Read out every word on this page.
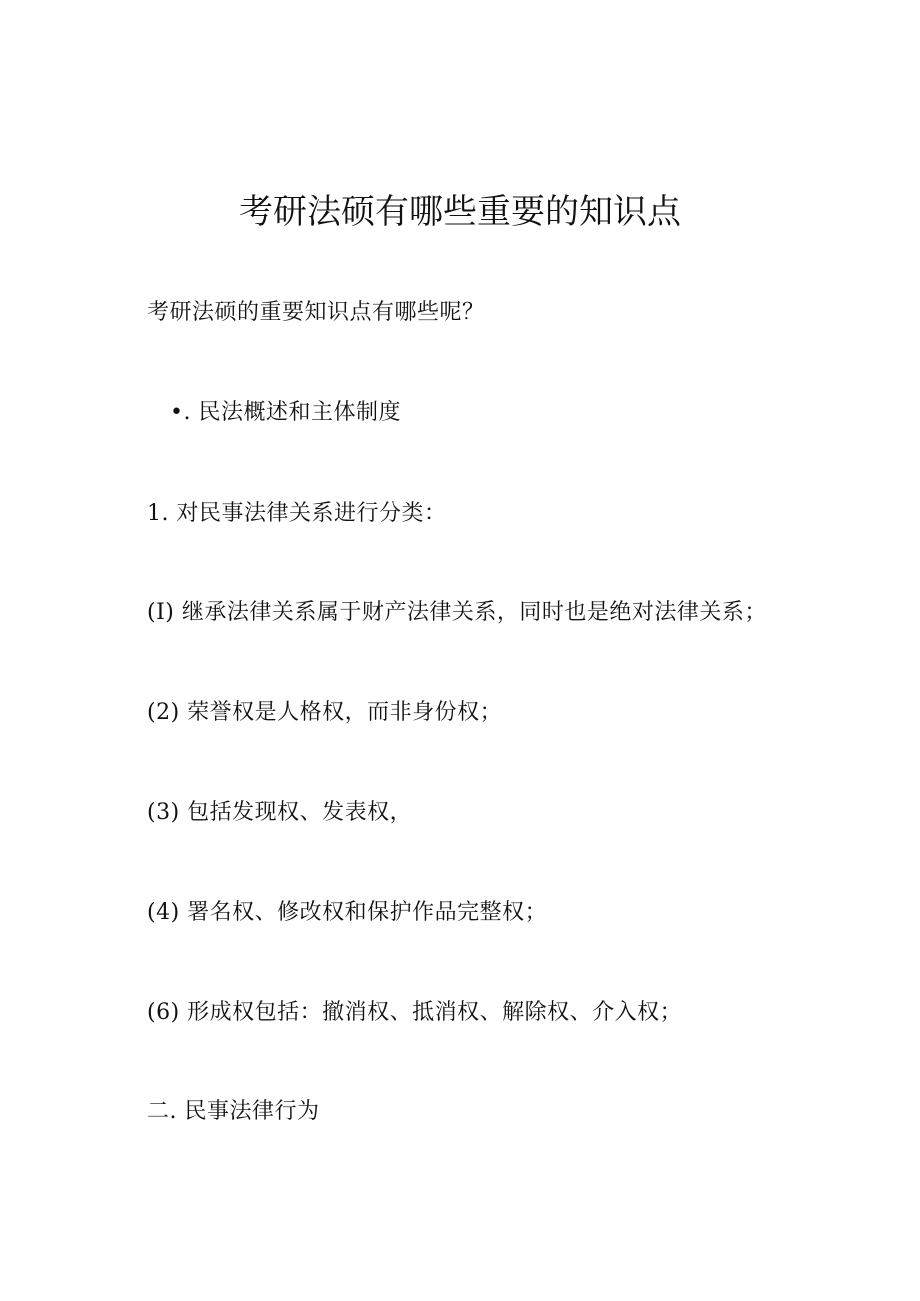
考研法硕有哪些重要的知识点

考研法硕的重要知识点有哪些呢？

•. 民法概述和主体制度

1. 对民事法律关系进行分类：

(I) 继承法律关系属于财产法律关系，同时也是绝对法律关系；

(2) 荣誉权是人格权，而非身份权；

(3) 包括发现权、发表权，

(4) 署名权、修改权和保护作品完整权；

(6) 形成权包括：撤消权、抵消权、解除权、介入权；

二. 民事法律行为
